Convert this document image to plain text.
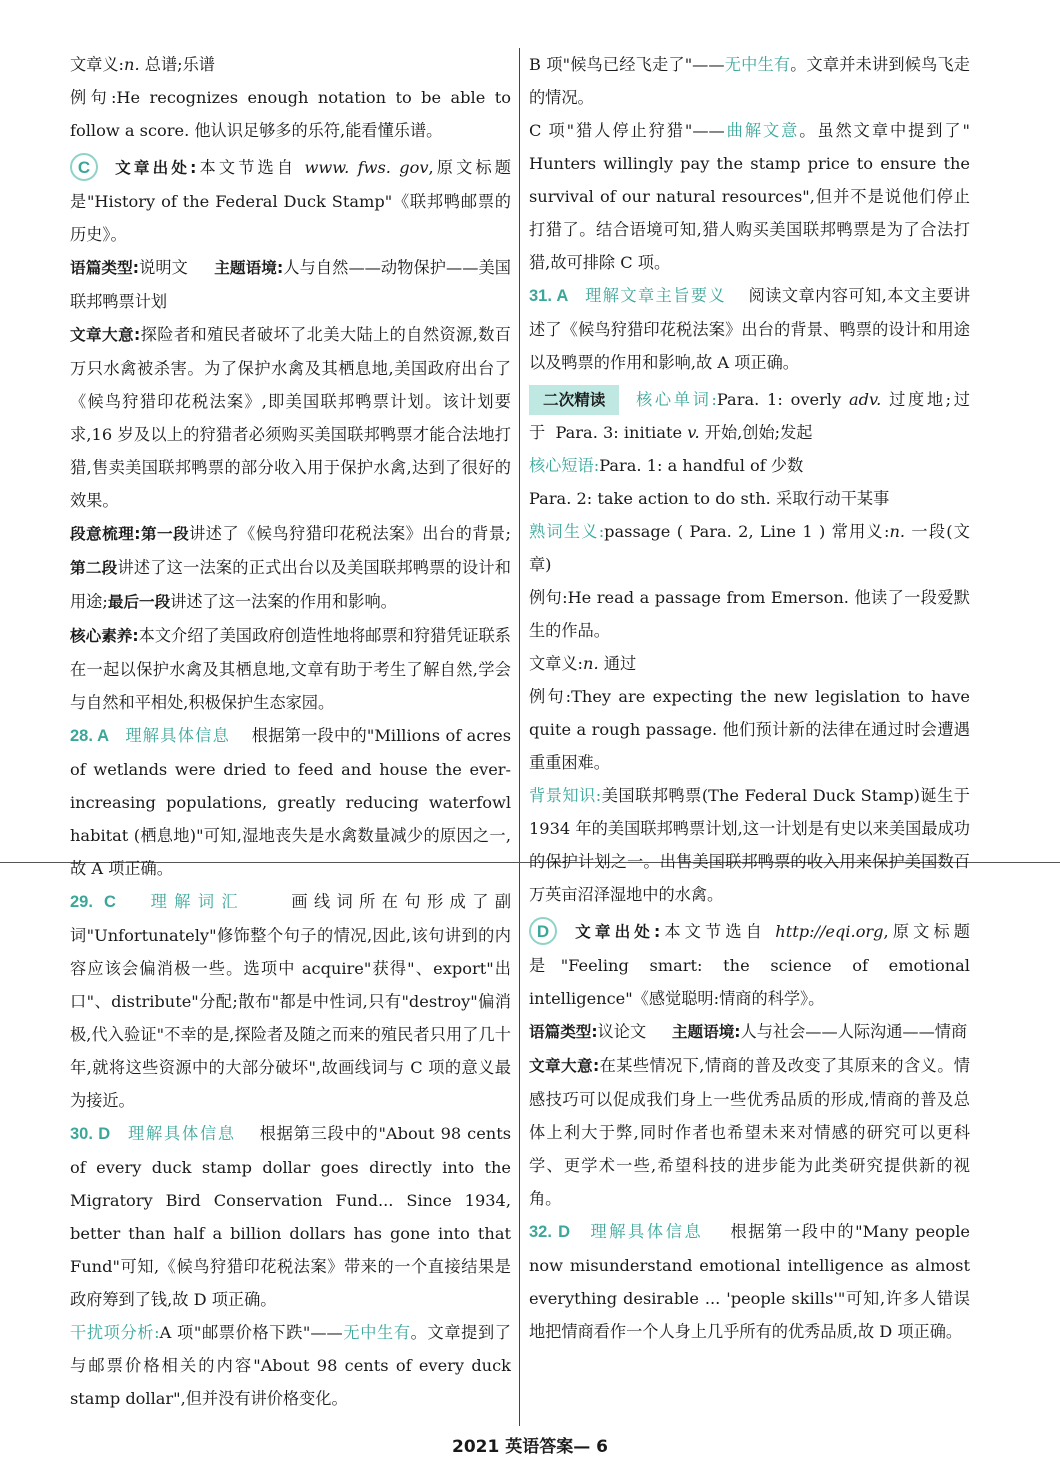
文章义:n. 总谱;乐谱

例句:He recognizes enough notation to be able to follow a score. 他认识足够多的乐符,能看懂乐谱。

C 文章出处:本文节选自 www. fws. gov,原文标题是"History of the Federal Duck Stamp"《联邦鸭邮票的历史》。

语篇类型:说明文 主题语境:人与自然——动物保护——美国联邦鸭票计划

文章大意:探险者和殖民者破坏了北美大陆上的自然资源,数百万只水禽被杀害。为了保护水禽及其栖息地,美国政府出台了《候鸟狩猎印花税法案》,即美国联邦鸭票计划。该计划要求,16 岁及以上的狩猎者必须购买美国联邦鸭票才能合法地打猎,售卖美国联邦鸭票的部分收入用于保护水禽,达到了很好的效果。

段意梳理:第一段讲述了《候鸟狩猎印花税法案》出台的背景;第二段讲述了这一法案的正式出台以及美国联邦鸭票的设计和用途;最后一段讲述了这一法案的作用和影响。

核心素养:本文介绍了美国政府创造性地将邮票和狩猎凭证联系在一起以保护水禽及其栖息地,文章有助于考生了解自然,学会与自然和平相处,积极保护生态家园。

28. A 理解具体信息 根据第一段中的"Millions of acres of wetlands were dried to feed and house the ever-increasing populations, greatly reducing waterfowl habitat (栖息地)"可知,湿地丧失是水禽数量减少的原因之一,故 A 项正确。

29. C 理解词汇	画线词所在句形成了副词"Unfortunately"修饰整个句子的情况,因此,该句讲到的内容应该会偏消极一些。选项中 acquire"获得"、export"出口"、distribute"分配;散布"都是中性词,只有"destroy"偏消极,代入验证"不幸的是,探险者及随之而来的殖民者只用了几十年,就将这些资源中的大部分破坏",故画线词与 C 项的意义最为接近。

30. D 理解具体信息 根据第三段中的"About 98 cents of every duck stamp dollar goes directly into the Migratory Bird Conservation Fund... Since 1934, better than half a billion dollars has gone into that Fund"可知,《候鸟狩猎印花税法案》带来的一个直接结果是政府筹到了钱,故 D 项正确。

干扰项分析:A 项"邮票价格下跌"——无中生有。文章提到了与邮票价格相关的内容"About 98 cents of every duck stamp dollar",但并没有讲价格变化。

B 项"候鸟已经飞走了"——无中生有。文章并未讲到候鸟飞走的情况。

C 项"猎人停止狩猎"——曲解文意。虽然文章中提到了" Hunters willingly pay the stamp price to ensure the survival of our natural resources",但并不是说他们停止打猎了。结合语境可知,猎人购买美国联邦鸭票是为了合法打猎,故可排除 C 项。

31. A 理解文章主旨要义 阅读文章内容可知,本文主要讲述了《候鸟狩猎印花税法案》出台的背景、鸭票的设计和用途以及鸭票的作用和影响,故 A 项正确。

二次精读 核心单词:Para. 1: overly adv. 过度地;过于 Para. 3: initiate v. 开始,创始;发起

核心短语:Para. 1: a handful of 少数

Para. 2: take action to do sth. 采取行动干某事

熟词生义:passage ( Para. 2, Line 1 ) 常用义:n. 一段(文章)

例句:He read a passage from Emerson. 他读了一段爱默生的作品。

文章义:n. 通过

例句:They are expecting the new legislation to have quite a rough passage. 他们预计新的法律在通过时会遭遇重重困难。

背景知识:美国联邦鸭票(The Federal Duck Stamp)诞生于 1934 年的美国联邦鸭票计划,这一计划是有史以来美国最成功的保护计划之一。出售美国联邦鸭票的收入用来保护美国数百万英亩沼泽湿地中的水禽。

D 文章出处:本文节选自 http://eqi.org,原文标题是"Feeling smart: the science of emotional intelligence"《感觉聪明:情商的科学》。

语篇类型:议论文 主题语境:人与社会——人际沟通——情商

文章大意:在某些情况下,情商的普及改变了其原来的含义。情感技巧可以促成我们身上一些优秀品质的形成,情商的普及总体上利大于弊,同时作者也希望未来对情感的研究可以更科学、更学术一些,希望科技的进步能为此类研究提供新的视角。

32. D 理解具体信息 根据第一段中的"Many people now misunderstand emotional intelligence as almost everything desirable ... 'people skills'"可知,许多人错误地把情商看作一个人身上几乎所有的优秀品质,故 D 项正确。

2021 英语答案— 6
